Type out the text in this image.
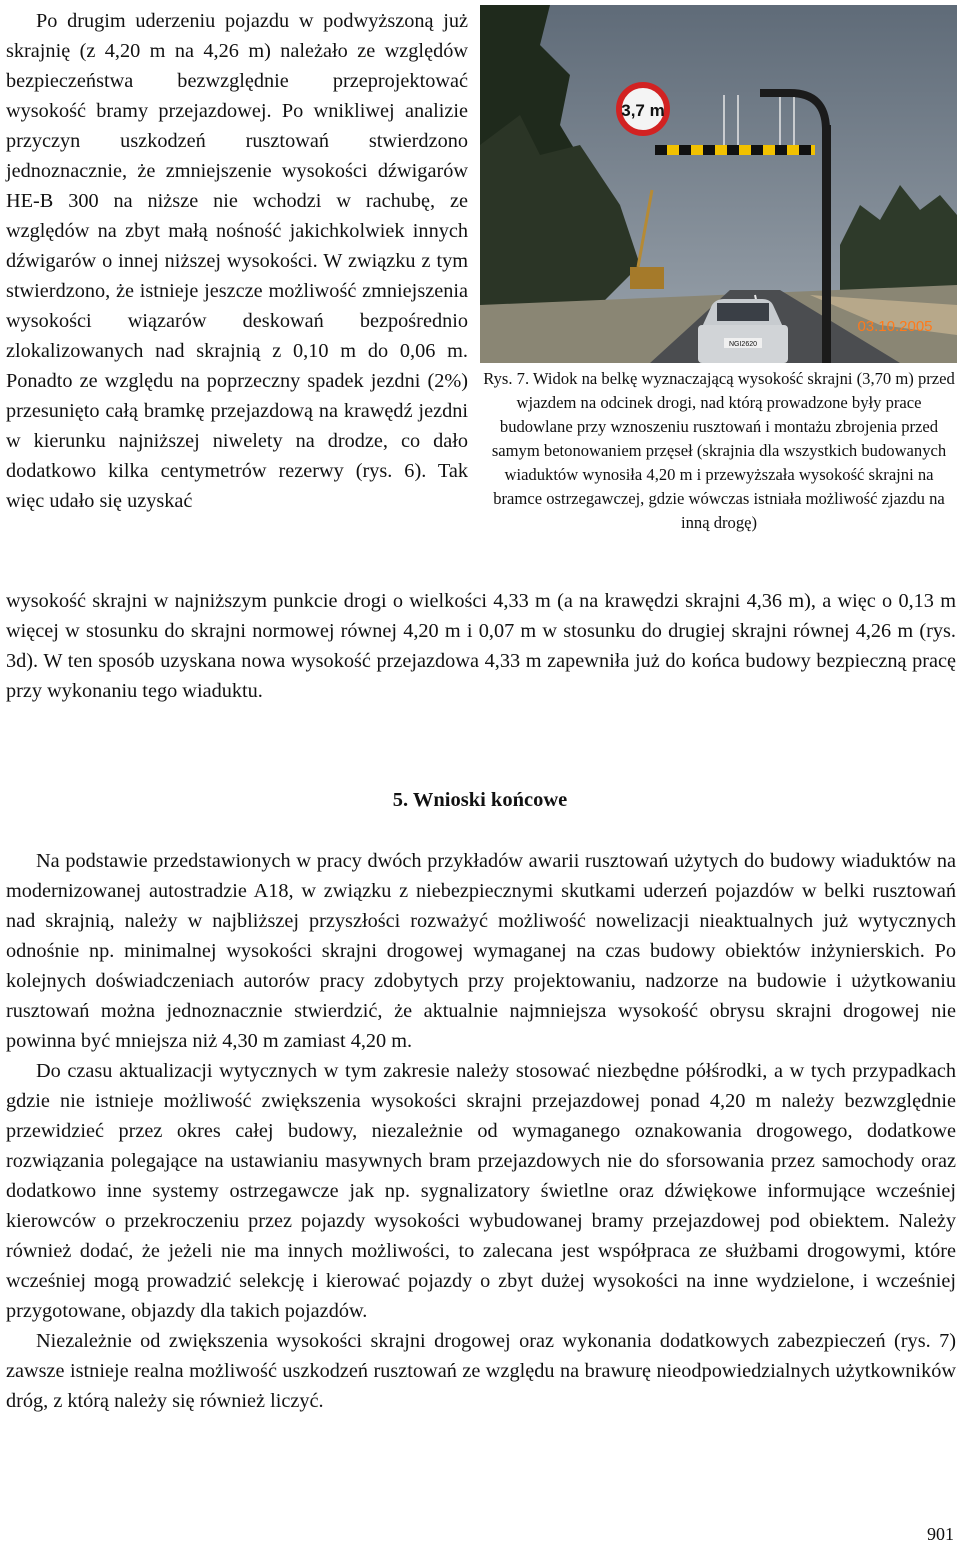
Po drugim uderzeniu pojazdu w podwyższoną już skrajnię (z 4,20 m na 4,26 m) należało ze względów bezpieczeństwa bezwzględnie przeprojektować wysokość bramy przejazdowej. Po wnikliwej analizie przyczyn uszkodzeń rusztowań stwierdzono jednoznacznie, że zmniejszenie wysokości dźwigarów HE-B 300 na niższe nie wchodzi w rachubę, ze względów na zbyt małą nośność jakichkolwiek innych dźwigarów o innej niższej wysokości. W związku z tym stwierdzono, że istnieje jeszcze możliwość zmniejszenia wysokości wiązarów deskowań bezpośrednio zlokalizowanych nad skrajnią z 0,10 m do 0,06 m. Ponadto ze względu na poprzeczny spadek jezdni (2%) przesunięto całą bramkę przejazdową na krawędź jezdni w kierunku najniższej niwelety na drodze, co dało dodatkowo kilka centymetrów rezerwy (rys. 6). Tak więc udało się uzyskać

3,7 m
NGI2620
03.10.2005

Rys. 7. Widok na belkę wyznaczającą wysokość skrajni (3,70 m) przed wjazdem na odcinek drogi, nad którą prowadzone były prace budowlane przy wznoszeniu rusztowań i montażu zbrojenia przed samym betonowaniem przęseł (skrajnia dla wszystkich budowanych wiaduktów wynosiła 4,20 m i przewyższała wysokość skrajni na bramce ostrzegawczej, gdzie wówczas istniała możliwość zjazdu na inną drogę)

wysokość skrajni w najniższym punkcie drogi o wielkości 4,33 m (a na krawędzi skrajni 4,36 m), a więc o 0,13 m więcej w stosunku do skrajni normowej równej 4,20 m i 0,07 m w stosunku do drugiej skrajni równej 4,26 m (rys. 3d). W ten sposób uzyskana nowa wysokość przejazdowa 4,33 m zapewniła już do końca budowy bezpieczną pracę przy wykonaniu tego wiaduktu.

5. Wnioski końcowe

Na podstawie przedstawionych w pracy dwóch przykładów awarii rusztowań użytych do budowy wiaduktów na modernizowanej autostradzie A18, w związku z niebezpiecznymi skutkami uderzeń pojazdów w belki rusztowań nad skrajnią, należy w najbliższej przyszłości rozważyć możliwość nowelizacji nieaktualnych już wytycznych odnośnie np. minimalnej wysokości skrajni drogowej wymaganej na czas budowy obiektów inżynierskich. Po kolejnych doświadczeniach autorów pracy zdobytych przy projektowaniu, nadzorze na budowie i użytkowaniu rusztowań można jednoznacznie stwierdzić, że aktualnie najmniejsza wysokość obrysu skrajni drogowej nie powinna być mniejsza niż 4,30 m zamiast 4,20 m.

Do czasu aktualizacji wytycznych w tym zakresie należy stosować niezbędne półśrodki, a w tych przypadkach gdzie nie istnieje możliwość zwiększenia wysokości skrajni przejazdowej ponad 4,20 m należy bezwzględnie przewidzieć przez okres całej budowy, niezależnie od wymaganego oznakowania drogowego, dodatkowe rozwiązania polegające na ustawianiu masywnych bram przejazdowych nie do sforsowania przez samochody oraz dodatkowo inne systemy ostrzegawcze jak np. sygnalizatory świetlne oraz dźwiękowe informujące wcześniej kierowców o przekroczeniu przez pojazdy wysokości wybudowanej bramy przejazdowej pod obiektem. Należy również dodać, że jeżeli nie ma innych możliwości, to zalecana jest współpraca ze służbami drogowymi, które wcześniej mogą prowadzić selekcję i kierować pojazdy o zbyt dużej wysokości na inne wydzielone, i wcześniej przygotowane, objazdy dla takich pojazdów.

Niezależnie od zwiększenia wysokości skrajni drogowej oraz wykonania dodatkowych zabezpieczeń (rys. 7) zawsze istnieje realna możliwość uszkodzeń rusztowań ze względu na brawurę nieodpowiedzialnych użytkowników dróg, z którą należy się również liczyć.

901
